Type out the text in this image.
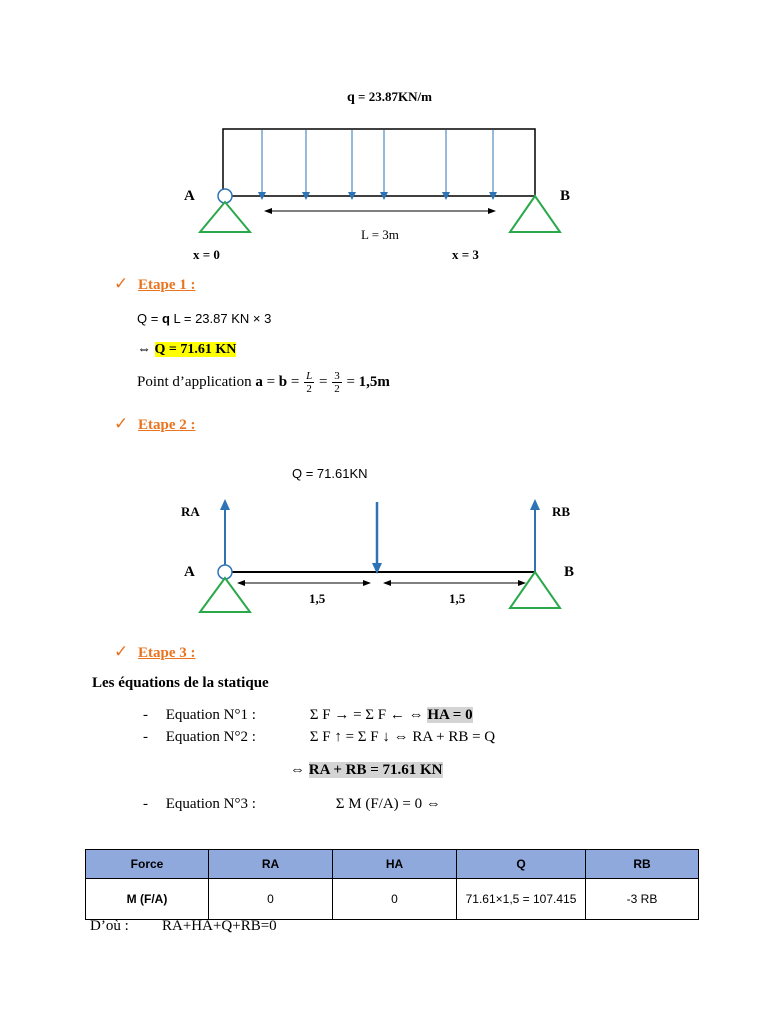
q = 23.87KN/m
A	B
L = 3m
x = 0	x = 3
✓ Etape 1 :
Q = q L = 23.87 KN × 3
⇔ Q = 71.61 KN
Point d’application $a = b = \frac{L}{2} = \frac{3}{2} = 1,5m$
✓ Etape 2 :
Q = 71.61KN
RA	RB
A	B
1,5	1,5
✓ Etape 3 :
Les équations de la statique
- Equation N°1 :	Σ F → = Σ F ← ⇔ HA = 0
- Equation N°2 :	Σ F ↑ = Σ F ↓ ⇔ RA + RB = Q
⇔ RA + RB = 71.61 KN
- Equation N°3 :	Σ M (F/A) = 0 ⇔
Force	RA	HA	Q	RB
M (F/A)	0	0	71.61×1,5 = 107.415	-3 RB
D’où : RA+HA+Q+RB=0
